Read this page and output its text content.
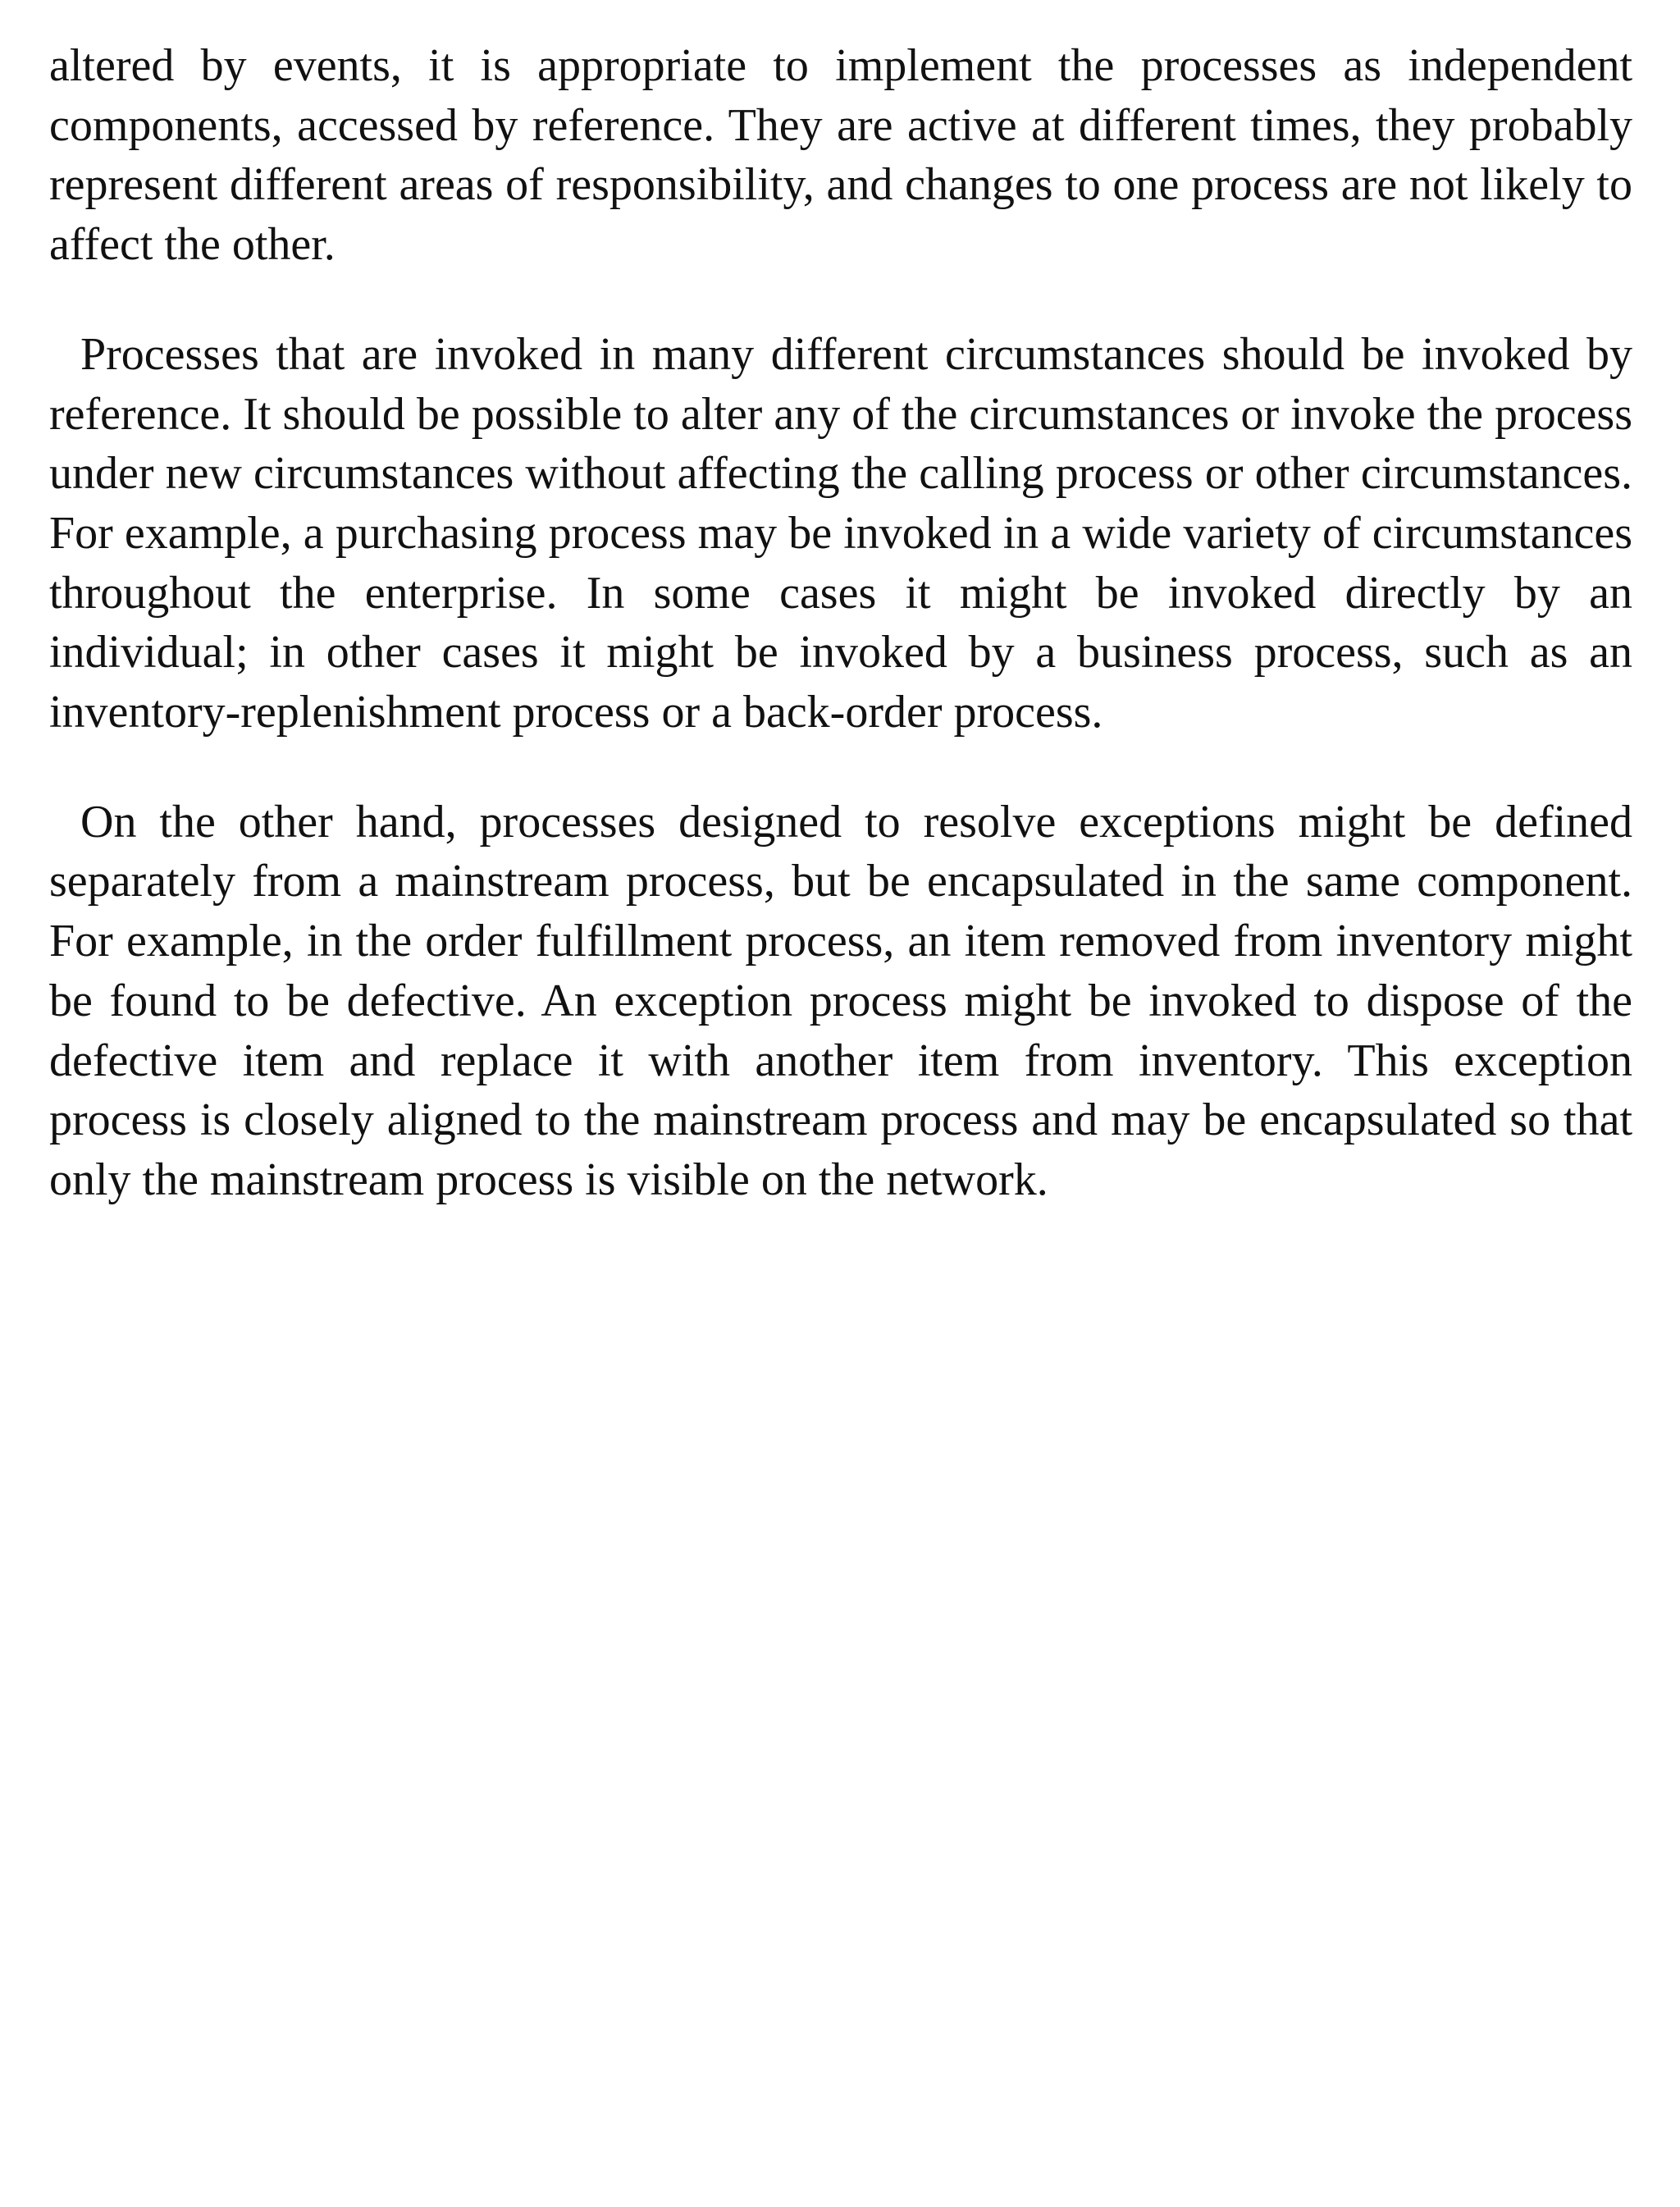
altered by events, it is appropriate to implement the processes as independent components, accessed by reference. They are active at different times, they probably represent different areas of responsibility, and changes to one process are not likely to affect the other.

Processes that are invoked in many different circumstances should be invoked by reference. It should be possible to alter any of the circumstances or invoke the process under new circumstances without affecting the calling process or other circumstances. For example, a purchasing process may be invoked in a wide variety of circumstances throughout the enterprise. In some cases it might be invoked directly by an individual; in other cases it might be invoked by a business process, such as an inventory-replenishment process or a back-order process.

On the other hand, processes designed to resolve exceptions might be defined separately from a mainstream process, but be encapsulated in the same component. For example, in the order fulfillment process, an item removed from inventory might be found to be defective. An exception process might be invoked to dispose of the defective item and replace it with another item from inventory. This exception process is closely aligned to the mainstream process and may be encapsulated so that only the mainstream process is visible on the network.
